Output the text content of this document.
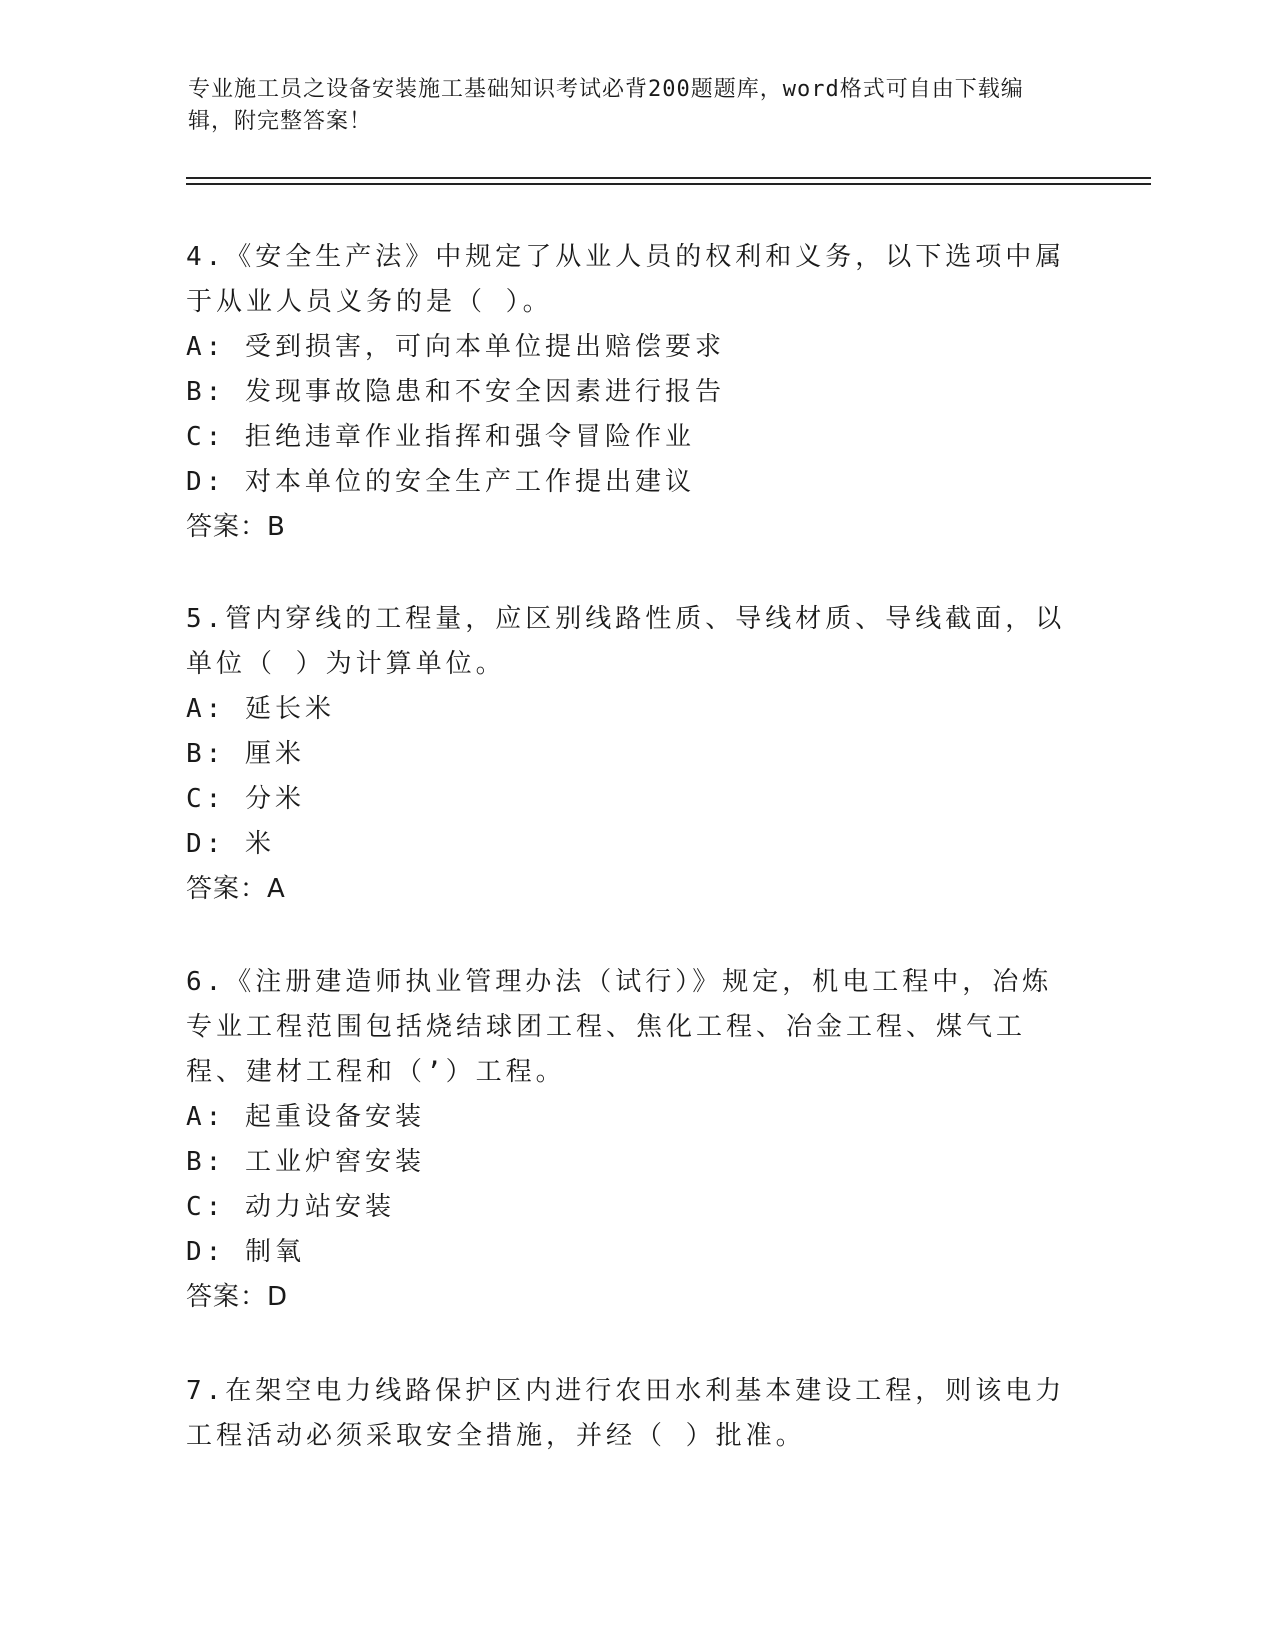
专业施工员之设备安装施工基础知识考试必背200题题库，word格式可自由下载编辑，附完整答案！

4.《安全生产法》中规定了从业人员的权利和义务，以下选项中属于从业人员义务的是（ ）。

A: 受到损害，可向本单位提出赔偿要求

B: 发现事故隐患和不安全因素进行报告

C: 拒绝违章作业指挥和强令冒险作业

D: 对本单位的安全生产工作提出建议

答案：B

5.管内穿线的工程量，应区别线路性质、导线材质、导线截面，以单位（ ）为计算单位。

A: 延长米

B: 厘米

C: 分米

D: 米

答案：A

6.《注册建造师执业管理办法（试行）》规定，机电工程中，冶炼专业工程范围包括烧结球团工程、焦化工程、冶金工程、煤气工程、建材工程和（’）工程。

A: 起重设备安装

B: 工业炉窖安装

C: 动力站安装

D: 制氧

答案：D

7.在架空电力线路保护区内进行农田水利基本建设工程，则该电力工程活动必须采取安全措施，并经（ ）批准。
